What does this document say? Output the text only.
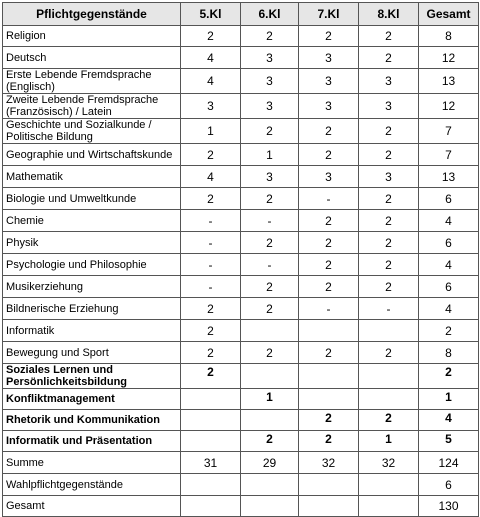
Pflichtgegenstände	5.Kl	6.Kl	7.Kl	8.Kl	Gesamt
Religion	2	2	2	2	8
Deutsch	4	3	3	2	12
Erste Lebende Fremdsprache (Englisch)	4	3	3	3	13
Zweite Lebende Fremdsprache (Französisch) / Latein	3	3	3	3	12
Geschichte und Sozialkunde / Politische Bildung	1	2	2	2	7
Geographie und Wirtschaftskunde	2	1	2	2	7
Mathematik	4	3	3	3	13
Biologie und Umweltkunde	2	2	-	2	6
Chemie	-	-	2	2	4
Physik	-	2	2	2	6
Psychologie und Philosophie	-	-	2	2	4
Musikerziehung	-	2	2	2	6
Bildnerische Erziehung	2	2	-	-	4
Informatik	2				2
Bewegung und Sport	2	2	2	2	8
Soziales Lernen und Persönlichkeitsbildung	2				2
Konfliktmanagement		1			1
Rhetorik und Kommunikation			2	2	4
Informatik und Präsentation		2	2	1	5
Summe	31	29	32	32	124
Wahlpflichtgegenstände					6
Gesamt					130
